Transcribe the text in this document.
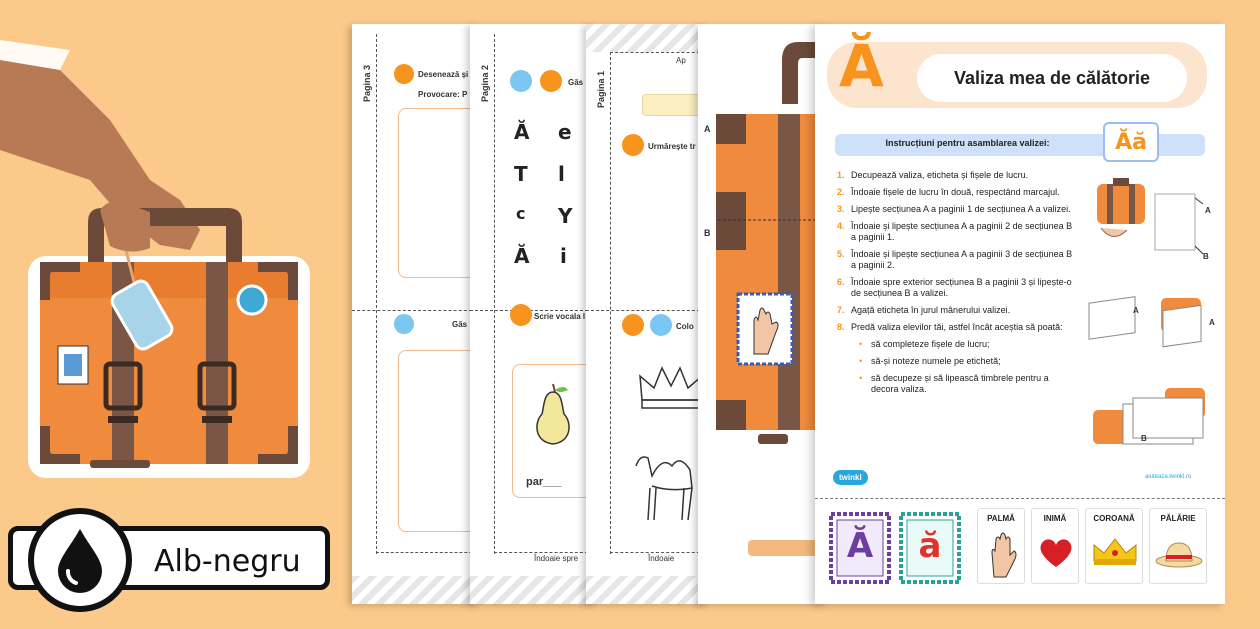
Alb-negru
Pagina 3	Desenează și
Provocare: P
Găs
Pagina 2	Găs
Ă e
T l
c Y
Ă i
Scrie vocala l
par___
Îndoaie spre
Pagina 1
Ap
Urmărește tr
Colo
Îndoaie
A
B
Ă	Valiza mea de călătorie
Instrucțiuni pentru asamblarea valizei:	Ăă
1. Decupează valiza, eticheta și fișele de lucru.
2. Îndoaie fișele de lucru în două, respectând marcajul.
3. Lipește secțiunea A a paginii 1 de secțiunea A a valizei.
4. Îndoaie și lipește secțiunea A a paginii 2 de secțiunea B a paginii 1.
5. Îndoaie și lipește secțiunea A a paginii 3 de secțiunea B a paginii 2.
6. Îndoaie spre exterior secțiunea B a paginii 3 și lipește-o de secțiunea B a valizei.
7. Agață eticheta în jurul mânerului valizei.
8. Predă valiza elevilor tăi, astfel încât aceștia să poată:
• să completeze fișele de lucru;
• să-și noteze numele pe etichetă;
• să decupeze și să lipească timbrele pentru a decora valiza.
A
B
A
A
B
twinkl	aiuteaza.twinkl.ro
Ă	ă
PALMĂ	INIMĂ	COROANĂ	PĂLĂRIE
